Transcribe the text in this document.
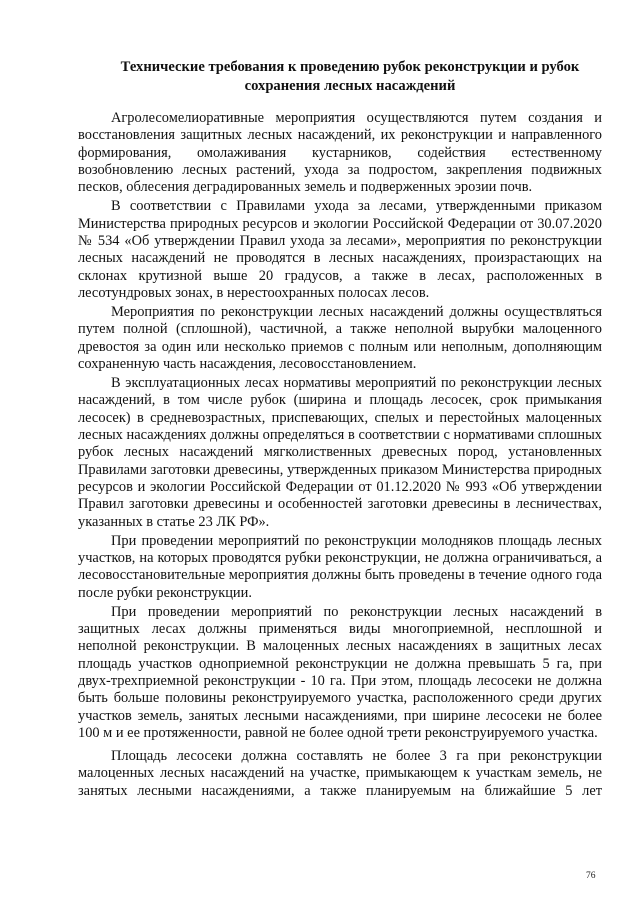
Технические требования к проведению рубок реконструкции и рубок
сохранения лесных насаждений

Агролесомелиоративные мероприятия осуществляются путем создания и восстановления защитных лесных насаждений, их реконструкции и направленного формирования, омолаживания кустарников, содействия естественному возобновлению лесных растений, ухода за подростом, закрепления подвижных песков, облесения деградированных земель и подверженных эрозии почв.

В соответствии с Правилами ухода за лесами, утвержденными приказом Министерства природных ресурсов и экологии Российской Федерации от 30.07.2020 № 534 «Об утверждении Правил ухода за лесами», мероприятия по реконструкции лесных насаждений не проводятся в лесных насаждениях, произрастающих на склонах крутизной выше 20 градусов, а также в лесах, расположенных в лесотундровых зонах, в нерестоохранных полосах лесов.

Мероприятия по реконструкции лесных насаждений должны осуществляться путем полной (сплошной), частичной, а также неполной вырубки малоценного древостоя за один или несколько приемов с полным или неполным, дополняющим сохраненную часть насаждения, лесовосстановлением.

В эксплуатационных лесах нормативы мероприятий по реконструкции лесных насаждений, в том числе рубок (ширина и площадь лесосек, срок примыкания лесосек) в средневозрастных, приспевающих, спелых и перестойных малоценных лесных насаждениях должны определяться в соответствии с нормативами сплошных рубок лесных насаждений мягколиственных древесных пород, установленных Правилами заготовки древесины, утвержденных приказом Министерства природных ресурсов и экологии Российской Федерации от 01.12.2020 № 993 «Об утверждении Правил заготовки древесины и особенностей заготовки древесины в лесничествах, указанных в статье 23 ЛК РФ».

При проведении мероприятий по реконструкции молодняков площадь лесных участков, на которых проводятся рубки реконструкции, не должна ограничиваться, а лесовосстановительные мероприятия должны быть проведены в течение одного года после рубки реконструкции.

При проведении мероприятий по реконструкции лесных насаждений в защитных лесах должны применяться виды многоприемной, несплошной и неполной реконструкции. В малоценных лесных насаждениях в защитных лесах площадь участков одноприемной реконструкции не должна превышать 5 га, при двух-трехприемной реконструкции - 10 га. При этом, площадь лесосеки не должна быть больше половины реконструируемого участка, расположенного среди других участков земель, занятых лесными насаждениями, при ширине лесосеки не более 100 м и ее протяженности, равной не более одной трети реконструируемого участка.

Площадь лесосеки должна составлять не более 3 га при реконструкции малоценных лесных насаждений на участке, примыкающем к участкам земель, не занятых лесными насаждениями, а также планируемым на ближайшие 5 лет

76
